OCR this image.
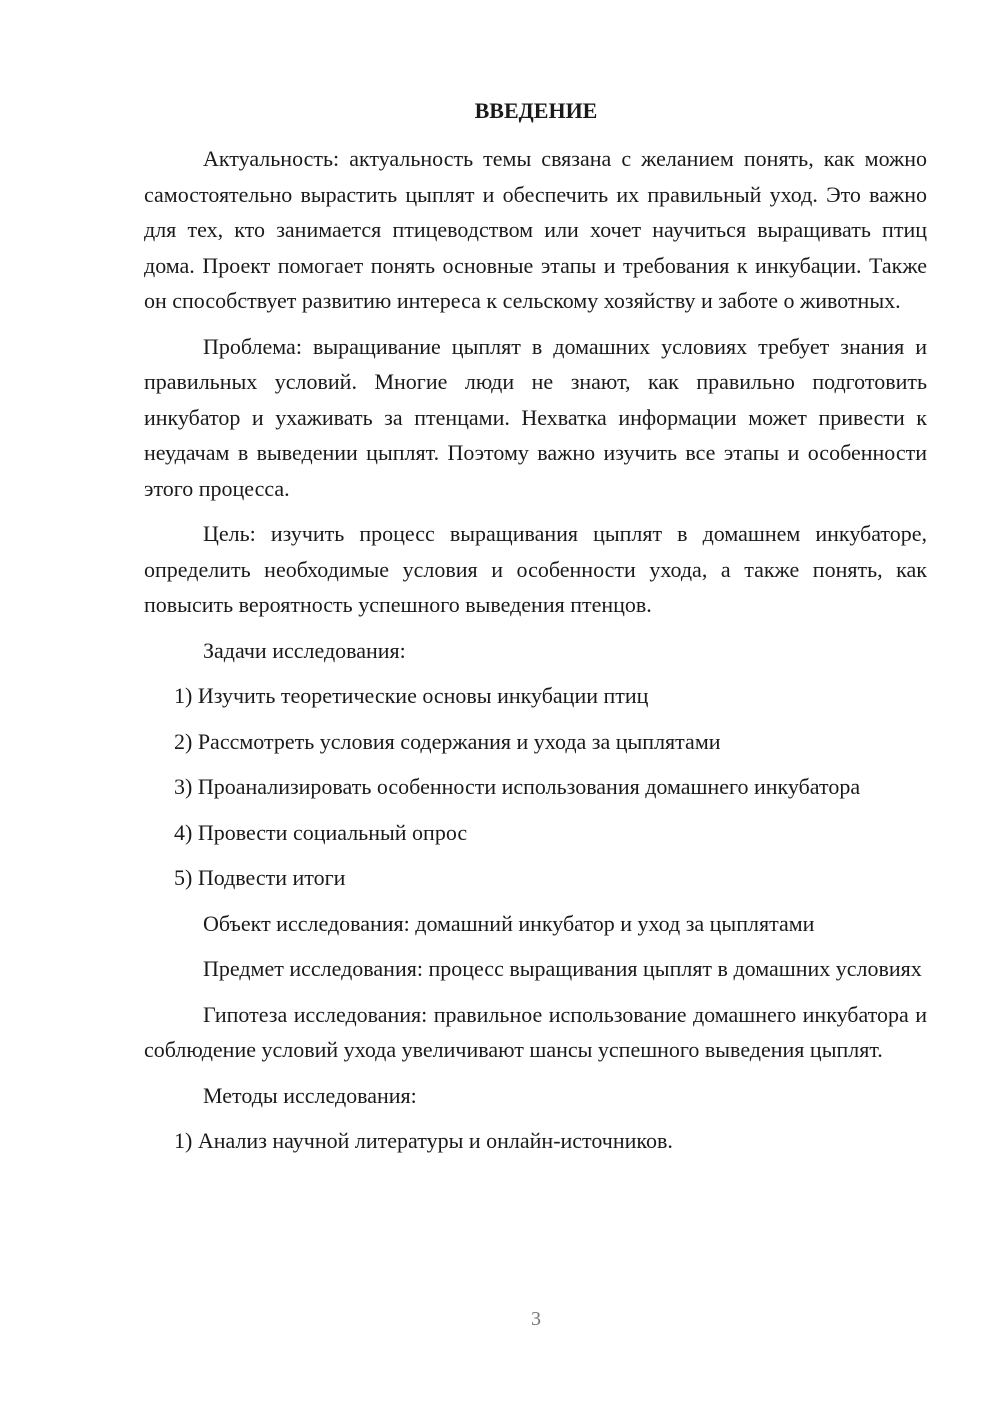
ВВЕДЕНИЕ

Актуальность: актуальность темы связана с желанием понять, как можно самостоятельно вырастить цыплят и обеспечить их правильный уход. Это важно для тех, кто занимается птицеводством или хочет научиться выращивать птиц дома. Проект помогает понять основные этапы и требования к инкубации. Также он способствует развитию интереса к сельскому хозяйству и заботе о животных.

Проблема: выращивание цыплят в домашних условиях требует знания и правильных условий. Многие люди не знают, как правильно подготовить инкубатор и ухаживать за птенцами. Нехватка информации может привести к неудачам в выведении цыплят. Поэтому важно изучить все этапы и особенности этого процесса.

Цель: изучить процесс выращивания цыплят в домашнем инкубаторе, определить необходимые условия и особенности ухода, а также понять, как повысить вероятность успешного выведения птенцов.

Задачи исследования:

1) Изучить теоретические основы инкубации птиц

2) Рассмотреть условия содержания и ухода за цыплятами

3) Проанализировать особенности использования домашнего инкубатора

4) Провести социальный опрос

5) Подвести итоги

Объект исследования: домашний инкубатор и уход за цыплятами

Предмет исследования: процесс выращивания цыплят в домашних условиях

Гипотеза исследования: правильное использование домашнего инкубатора и соблюдение условий ухода увеличивают шансы успешного выведения цыплят.

Методы исследования:

1) Анализ научной литературы и онлайн-источников.

3
